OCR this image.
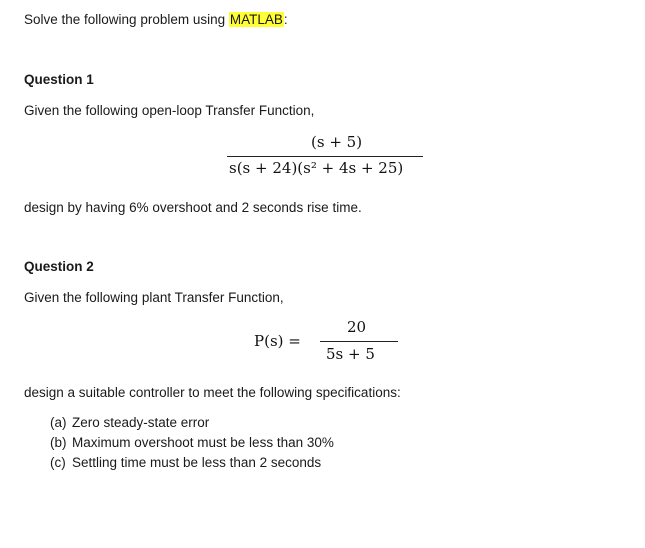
Solve the following problem using MATLAB:
Question 1
Given the following open-loop Transfer Function,
(s + 5)
s(s + 24)(s² + 4s + 25)
design by having 6% overshoot and 2 seconds rise time.
Question 2
Given the following plant Transfer Function,
P(s) =
20
5s + 5
design a suitable controller to meet the following specifications:
(a) Zero steady-state error
(b) Maximum overshoot must be less than 30%
(c) Settling time must be less than 2 seconds
